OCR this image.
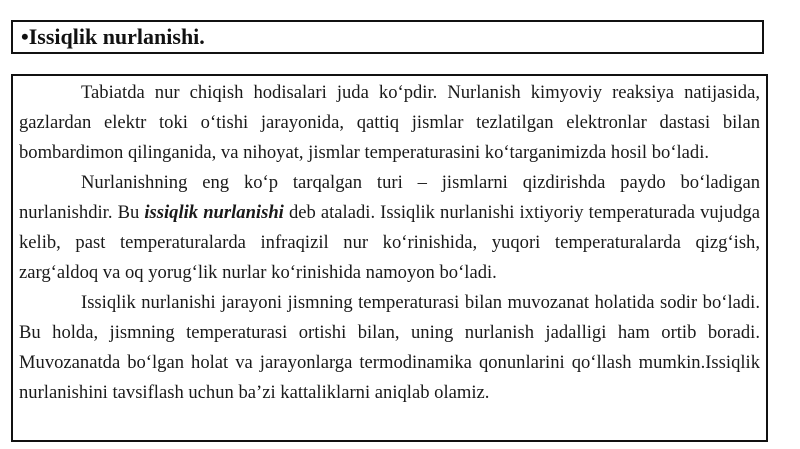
•Issiqlik nurlanishi.

Tabiatda nur chiqish hodisalari juda ko‘pdir. Nurlanish kimyoviy reaksiya natijasida, gazlardan elektr toki o‘tishi jarayonida, qattiq jismlar tezlatilgan elektronlar dastasi bilan bombardimon qilinganida, va nihoyat, jismlar temperaturasini ko‘targanimizda hosil bo‘ladi.

Nurlanishning eng ko‘p tarqalgan turi – jismlarni qizdirishda paydo bo‘ladigan nurlanishdir. Bu issiqlik nurlanishi deb ataladi. Issiqlik nurlanishi ixtiyoriy temperaturada vujudga kelib, past temperaturalarda infraqizil nur ko‘rinishida, yuqori temperaturalarda qizg‘ish, zarg‘aldoq va oq yorug‘lik nurlar ko‘rinishida namoyon bo‘ladi.

Issiqlik nurlanishi jarayoni jismning temperaturasi bilan muvozanat holatida sodir bo‘ladi. Bu holda, jismning temperaturasi ortishi bilan, uning nurlanish jadalligi ham ortib boradi. Muvozanatda bo‘lgan holat va jarayonlarga termodinamika qonunlarini qo‘llash mumkin.Issiqlik nurlanishini tavsiflash uchun ba’zi kattaliklarni aniqlab olamiz.
